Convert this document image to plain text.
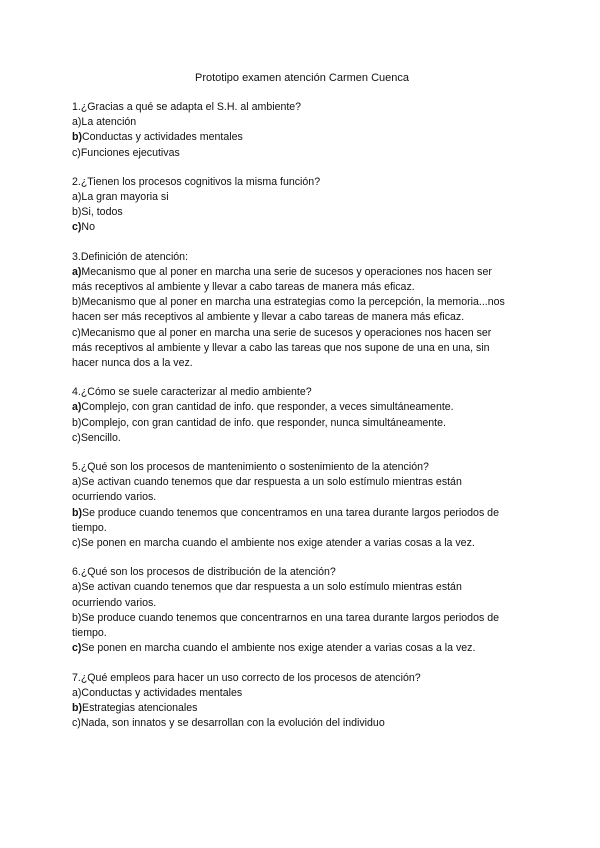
Prototipo examen atención Carmen Cuenca
1.¿Gracias a qué se adapta el S.H. al ambiente?
a)La atención
b)Conductas y actividades mentales
c)Funciones ejecutivas
2.¿Tienen los procesos cognitivos la misma función?
a)La gran mayoria si
b)Si, todos
c)No
3.Definición de atención:
a)Mecanismo que al poner en marcha una serie de sucesos y operaciones nos hacen ser
más receptivos al ambiente y llevar a cabo tareas de manera más eficaz.
b)Mecanismo que al poner en marcha una estrategias como la percepción, la memoria...nos
hacen ser más receptivos al ambiente y llevar a cabo tareas de manera más eficaz.
c)Mecanismo que al poner en marcha una serie de sucesos y operaciones nos hacen ser
más receptivos al ambiente y llevar a cabo las tareas que nos supone de una en una, sin
hacer nunca dos a la vez.
4.¿Cómo se suele caracterizar al medio ambiente?
a)Complejo, con gran cantidad de info. que responder, a veces simultáneamente.
b)Complejo, con gran cantidad de info. que responder, nunca simultáneamente.
c)Sencillo.
5.¿Qué son los procesos de mantenimiento o sostenimiento de la atención?
a)Se activan cuando tenemos que dar respuesta a un solo estímulo mientras están
ocurriendo varios.
b)Se produce cuando tenemos que concentramos en una tarea durante largos periodos de
tiempo.
c)Se ponen en marcha cuando el ambiente nos exige atender a varias cosas a la vez.
6.¿Qué son los procesos de distribución de la atención?
a)Se activan cuando tenemos que dar respuesta a un solo estímulo mientras están
ocurriendo varios.
b)Se produce cuando tenemos que concentrarnos en una tarea durante largos periodos de
tiempo.
c)Se ponen en marcha cuando el ambiente nos exige atender a varias cosas a la vez.
7.¿Qué empleos para hacer un uso correcto de los procesos de atención?
a)Conductas y actividades mentales
b)Estrategias atencionales
c)Nada, son innatos y se desarrollan con la evolución del individuo
